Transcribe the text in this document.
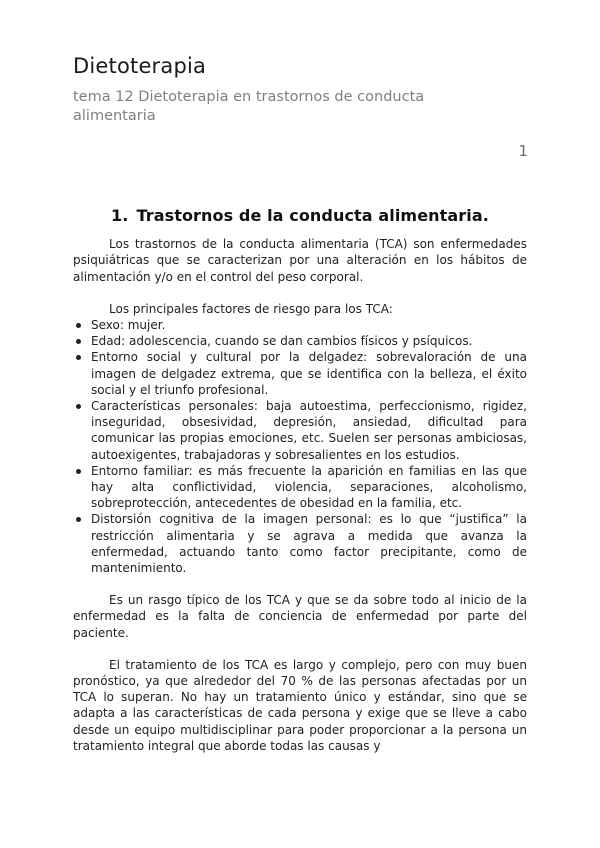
Dietoterapia

tema 12 Dietoterapia en trastornos de conducta alimentaria

1
1. Trastornos de la conducta alimentaria.

Los trastornos de la conducta alimentaria (TCA) son enfermedades psiquiátricas que se caracterizan por una alteración en los hábitos de alimentación y/o en el control del peso corporal.

Los principales factores de riesgo para los TCA:

Sexo: mujer.
Edad: adolescencia, cuando se dan cambios físicos y psíquicos.
Entorno social y cultural por la delgadez: sobrevaloración de una imagen de delgadez extrema, que se identifica con la belleza, el éxito social y el triunfo profesional.
Características personales: baja autoestima, perfeccionismo, rigidez, inseguridad, obsesividad, depresión, ansiedad, dificultad para comunicar las propias emociones, etc. Suelen ser personas ambiciosas, autoexigentes, trabajadoras y sobresalientes en los estudios.
Entorno familiar: es más frecuente la aparición en familias en las que hay alta conflictividad, violencia, separaciones, alcoholismo, sobreprotección, antecedentes de obesidad en la familia, etc.
Distorsión cognitiva de la imagen personal: es lo que “justifica” la restricción alimentaria y se agrava a medida que avanza la enfermedad, actuando tanto como factor precipitante, como de mantenimiento.

Es un rasgo típico de los TCA y que se da sobre todo al inicio de la enfermedad es la falta de conciencia de enfermedad por parte del paciente.

El tratamiento de los TCA es largo y complejo, pero con muy buen pronóstico, ya que alrededor del 70 % de las personas afectadas por un TCA lo superan. No hay un tratamiento único y estándar, sino que se adapta a las características de cada persona y exige que se lleve a cabo desde un equipo multidisciplinar para poder proporcionar a la persona un tratamiento integral que aborde todas las causas y
